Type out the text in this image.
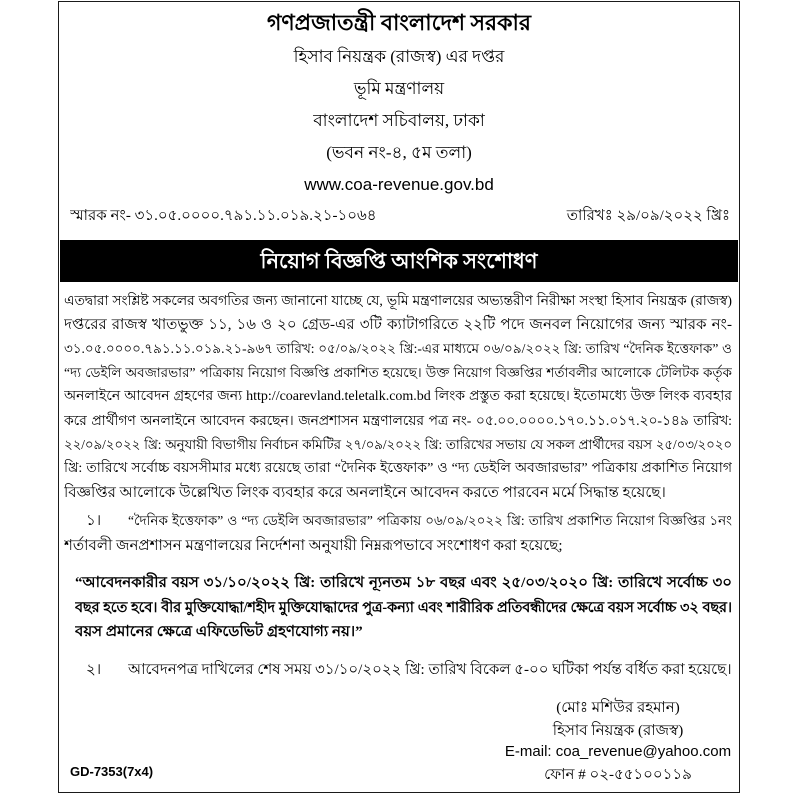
গণপ্রজাতন্ত্রী বাংলাদেশ সরকার
হিসাব নিয়ন্ত্রক (রাজস্ব) এর দপ্তর
ভূমি মন্ত্রণালয়
বাংলাদেশ সচিবালয়, ঢাকা
(ভবন নং-৪, ৫ম তলা)
www.coa-revenue.gov.bd
স্মারক নং- ৩১.০৫.০০০০.৭৯১.১১.০১৯.২১-১০৬৪	তারিখঃ ২৯/০৯/২০২২ খ্রিঃ
নিয়োগ বিজ্ঞপ্তি আংশিক সংশোধণ
এতদ্বারা সংশ্লিষ্ট সকলের অবগতির জন্য জানানো যাচ্ছে যে, ভূমি মন্ত্রণালয়ের অভ্যন্তরীণ নিরীক্ষা সংস্থা হিসাব নিয়ন্ত্রক (রাজস্ব)
দপ্তরের রাজস্ব খাতভুক্ত ১১, ১৬ ও ২০ গ্রেড-এর ৩টি ক্যাটাগরিতে ২২টি পদে জনবল নিয়োগের জন্য স্মারক নং-
৩১.০৫.০০০০.৭৯১.১১.০১৯.২১-৯৬৭ তারিখ: ০৫/০৯/২০২২ খ্রি:-এর মাধ্যমে ০৬/০৯/২০২২ খ্রি: তারিখ “দৈনিক ইত্তেফাক” ও
“দ্য ডেইলি অবজারভার” পত্রিকায় নিয়োগ বিজ্ঞপ্তি প্রকাশিত হয়েছে। উক্ত নিয়োগ বিজ্ঞপ্তির শর্তাবলীর আলোকে টেলিটক কর্তৃক
অনলাইনে আবেদন গ্রহণের জন্য http://coarevland.teletalk.com.bd লিংক প্রস্তুত করা হয়েছে। ইতোমধ্যে উক্ত লিংক ব্যবহার
করে প্রার্থীগণ অনলাইনে আবেদন করছেন। জনপ্রশাসন মন্ত্রণালয়ের পত্র নং- ০৫.০০.০০০০.১৭০.১১.০১৭.২০-১৪৯ তারিখ:
২২/০৯/২০২২ খ্রি: অনুযায়ী বিভাগীয় নির্বাচন কমিটির ২৭/০৯/২০২২ খ্রি: তারিখের সভায় যে সকল প্রার্থীদের বয়স ২৫/০৩/২০২০
খ্রি: তারিখে সর্বোচ্চ বয়সসীমার মধ্যে রয়েছে তারা “দৈনিক ইত্তেফাক” ও “দ্য ডেইলি অবজারভার” পত্রিকায় প্রকাশিত নিয়োগ
বিজ্ঞপ্তির আলোকে উল্লেখিত লিংক ব্যবহার করে অনলাইনে আবেদন করতে পারবেন মর্মে সিদ্ধান্ত হয়েছে।
১।	“দৈনিক ইত্তেফাক” ও “দ্য ডেইলি অবজারভার” পত্রিকায় ০৬/০৯/২০২২ খ্রি: তারিখ প্রকাশিত নিয়োগ বিজ্ঞপ্তির ১নং
শর্তাবলী জনপ্রশাসন মন্ত্রণালয়ের নির্দেশনা অনুযায়ী নিম্নরূপভাবে সংশোধণ করা হয়েছে;
“আবেদনকারীর বয়স ৩১/১০/২০২২ খ্রি: তারিখে ন্যূনতম ১৮ বছর এবং ২৫/০৩/২০২০ খ্রি: তারিখে সর্বোচ্চ ৩০
বছর হতে হবে। বীর মুক্তিযোদ্ধা/শহীদ মুক্তিযোদ্ধাদের পুত্র-কন্যা এবং শারীরিক প্রতিবন্ধীদের ক্ষেত্রে বয়স সর্বোচ্চ ৩২ বছর।
বয়স প্রমানের ক্ষেত্রে এফিডেভিট গ্রহণযোগ্য নয়।”
২।	আবেদনপত্র দাখিলের শেষ সময় ৩১/১০/২০২২ খ্রি: তারিখ বিকেল ৫-০০ ঘটিকা পর্যন্ত বর্ধিত করা হয়েছে।
(মোঃ মশিউর রহমান)
হিসাব নিয়ন্ত্রক (রাজস্ব)
E-mail: coa_revenue@yahoo.com
ফোন # ০২-৫৫১০০১১৯
GD-7353(7x4)
